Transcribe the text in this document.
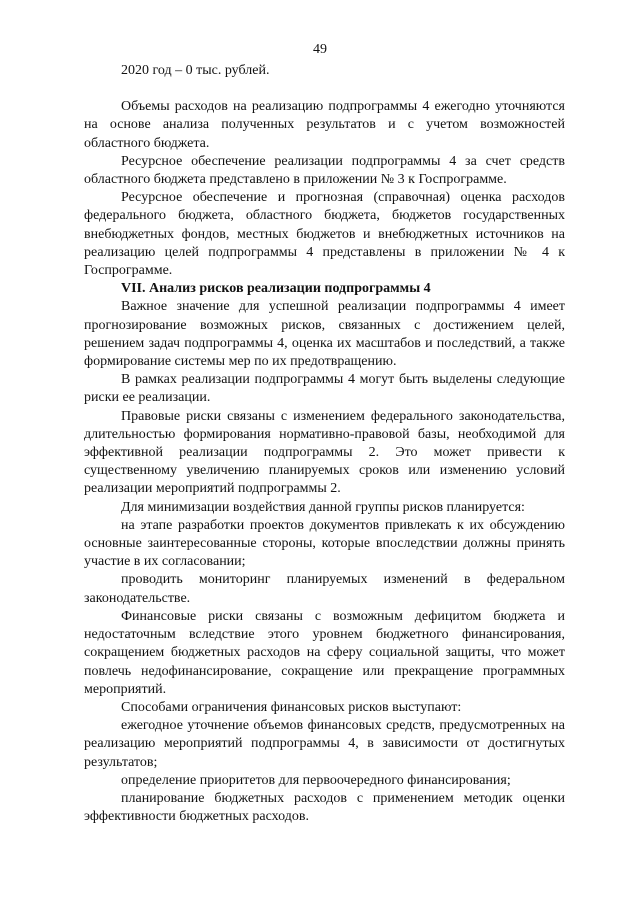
49

2020 год – 0 тыс. рублей.

Объемы расходов на реализацию подпрограммы 4 ежегодно уточняются на основе анализа полученных результатов и с учетом возможностей областного бюджета.

Ресурсное обеспечение реализации подпрограммы 4 за счет средств областного бюджета представлено в приложении № 3 к Госпрограмме.

Ресурсное обеспечение и прогнозная (справочная) оценка расходов федерального бюджета, областного бюджета, бюджетов государственных внебюджетных фондов, местных бюджетов и внебюджетных источников на реализацию целей подпрограммы 4 представлены в приложении № 4 к Госпрограмме.

VII. Анализ рисков реализации подпрограммы 4

Важное значение для успешной реализации подпрограммы 4 имеет прогнозирование возможных рисков, связанных с достижением целей, решением задач подпрограммы 4, оценка их масштабов и последствий, а также формирование системы мер по их предотвращению.

В рамках реализации подпрограммы 4 могут быть выделены следующие риски ее реализации.

Правовые риски связаны с изменением федерального законодательства, длительностью формирования нормативно-правовой базы, необходимой для эффективной реализации подпрограммы 2. Это может привести к существенному увеличению планируемых сроков или изменению условий реализации мероприятий подпрограммы 2.

Для минимизации воздействия данной группы рисков планируется:

на этапе разработки проектов документов привлекать к их обсуждению основные заинтересованные стороны, которые впоследствии должны принять участие в их согласовании;

проводить мониторинг планируемых изменений в федеральном законодательстве.

Финансовые риски связаны с возможным дефицитом бюджета и недостаточным вследствие этого уровнем бюджетного финансирования, сокращением бюджетных расходов на сферу социальной защиты, что может повлечь недофинансирование, сокращение или прекращение программных мероприятий.

Способами ограничения финансовых рисков выступают:

ежегодное уточнение объемов финансовых средств, предусмотренных на реализацию мероприятий подпрограммы 4, в зависимости от достигнутых результатов;

определение приоритетов для первоочередного финансирования;

планирование бюджетных расходов с применением методик оценки эффективности бюджетных расходов.
